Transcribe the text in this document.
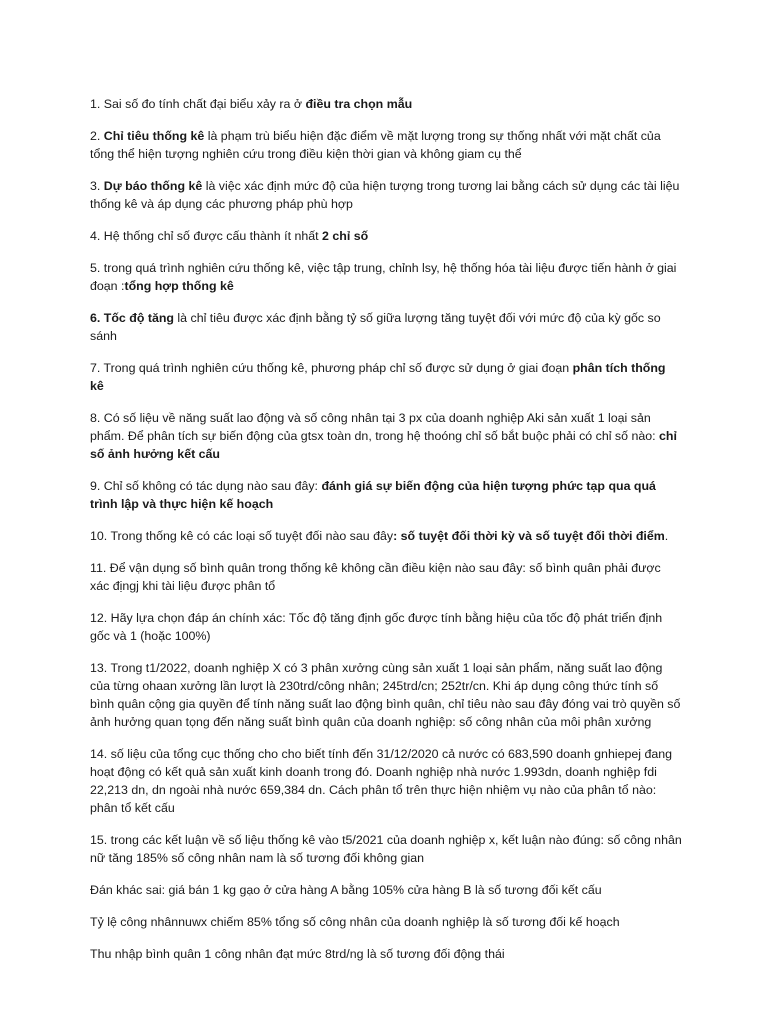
1. Sai số đo tính chất đại biểu xảy ra ở điều tra chọn mẫu

2. Chỉ tiêu thống kê là phạm trù biểu hiện đặc điểm về mặt lượng trong sự thống nhất với mặt chất của tổng thể hiện tượng nghiên cứu trong điều kiện thời gian và không giam cụ thể

3. Dự báo thống kê là việc xác định mức độ của hiện tượng trong tương lai bằng cách sử dụng các tài liệu thống kê và áp dụng các phương pháp phù hợp

4. Hệ thống chỉ số được cấu thành ít nhất 2 chỉ số

5. trong quá trình nghiên cứu thống kê, việc tập trung, chỉnh lsy, hệ thống hóa tài liệu được tiến hành ở giai đoạn :tổng hợp thống kê

6. Tốc độ tăng là chỉ tiêu được xác định bằng tỷ số giữa lượng tăng tuyệt đối với mức độ của kỳ gốc so sánh

7. Trong quá trình nghiên cứu thống kê, phương pháp chỉ số được sử dụng ở giai đoạn phân tích thống kê

8. Có số liệu về năng suất lao động và số công nhân tại 3 px của doanh nghiệp Aki sản xuất 1 loại sản phẩm. Để phân tích sự biến động của gtsx toàn dn, trong hệ thoóng chỉ số bắt buộc phải có chỉ số nào: chỉ số ảnh hưởng kết cấu

9. Chỉ số không có tác dụng nào sau đây: đánh giá sự biến động của hiện tượng phức tạp qua quá trình lập và thực hiện kế hoạch

10. Trong thống kê có các loại số tuyệt đối nào sau đây: số tuyệt đối thời kỳ và số tuyệt đối thời điểm.

11. Để vận dụng số bình quân trong thống kê không cần điều kiện nào sau đây: số bình quân phải được xác địngj khi tài liệu được phân tổ

12. Hãy lựa chọn đáp án chính xác: Tốc độ tăng định gốc được tính bằng hiệu của tốc độ phát triển định gốc và 1 (hoặc 100%)

13. Trong t1/2022, doanh nghiệp X có 3 phân xưởng cùng sản xuất 1 loại sản phẩm, năng suất lao động của từng ohaan xưởng lần lượt là 230trd/công nhân; 245trd/cn; 252tr/cn. Khi áp dụng công thức tính số bình quân cộng gia quyền để tính năng suất lao động bình quân, chỉ tiêu nào sau đây đóng vai trò quyền số ảnh hưởng quan tọng đến năng suất bình quân của doanh nghiệp: số công nhân của môi phân xưởng

14. số liệu của tổng cục thống cho cho biết tính đến 31/12/2020 cả nước có 683,590 doanh gnhiepej đang hoạt động có kết quả sản xuất kinh doanh trong đó. Doanh nghiệp nhà nước 1.993dn, doanh nghiệp fdi 22,213 dn, dn ngoài nhà nước 659,384 dn. Cách phân tổ trên thực hiện nhiệm vụ nào của phân tổ nào: phân tổ kết cấu

15. trong các kết luận về số liệu thống kê vào t5/2021 của doanh nghiệp x, kết luận nào đúng: số công nhân nữ tăng 185% số công nhân nam là số tương đối không gian

Đán khác sai: giá bán 1 kg gạo ở cửa hàng A bằng 105% cửa hàng B là số tương đối kết cấu

Tỷ lệ công nhânnuwx chiếm 85% tổng số công nhân của doanh nghiệp là số tương đối kế hoạch

Thu nhập bình quân 1 công nhân đạt mức 8trd/ng là số tương đối động thái
